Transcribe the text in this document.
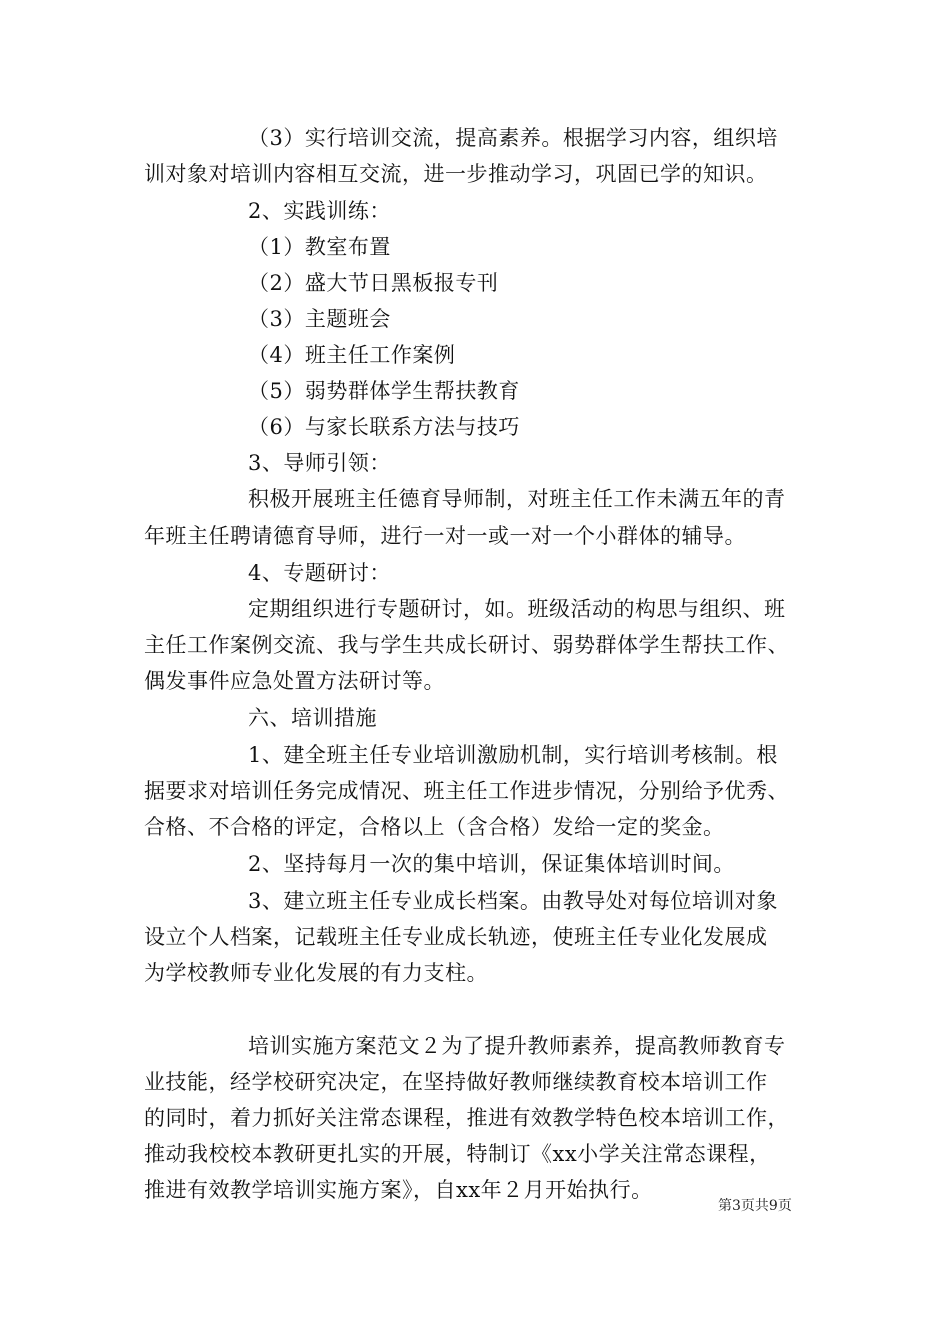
（3）实行培训交流，提高素养。根据学习内容，组织培
训对象对培训内容相互交流，进一步推动学习，巩固已学的知识。
2、实践训练：
（1）教室布置
（2）盛大节日黑板报专刊
（3）主题班会
（4）班主任工作案例
（5）弱势群体学生帮扶教育
（6）与家长联系方法与技巧
3、导师引领：
积极开展班主任德育导师制，对班主任工作未满五年的青
年班主任聘请德育导师，进行一对一或一对一个小群体的辅导。
4、专题研讨：
定期组织进行专题研讨，如。班级活动的构思与组织、班
主任工作案例交流、我与学生共成长研讨、弱势群体学生帮扶工作、
偶发事件应急处置方法研讨等。
六、培训措施
1、建全班主任专业培训激励机制，实行培训考核制。根
据要求对培训任务完成情况、班主任工作进步情况，分别给予优秀、
合格、不合格的评定，合格以上（含合格）发给一定的奖金。
2、坚持每月一次的集中培训，保证集体培训时间。
3、建立班主任专业成长档案。由教导处对每位培训对象
设立个人档案，记载班主任专业成长轨迹，使班主任专业化发展成
为学校教师专业化发展的有力支柱。
培训实施方案范文２为了提升教师素养，提高教师教育专
业技能，经学校研究决定，在坚持做好教师继续教育校本培训工作
的同时，着力抓好关注常态课程，推进有效教学特色校本培训工作，
推动我校校本教研更扎实的开展，特制订《xx小学关注常态课程，
推进有效教学培训实施方案》，自xx年２月开始执行。
第3页共9页
